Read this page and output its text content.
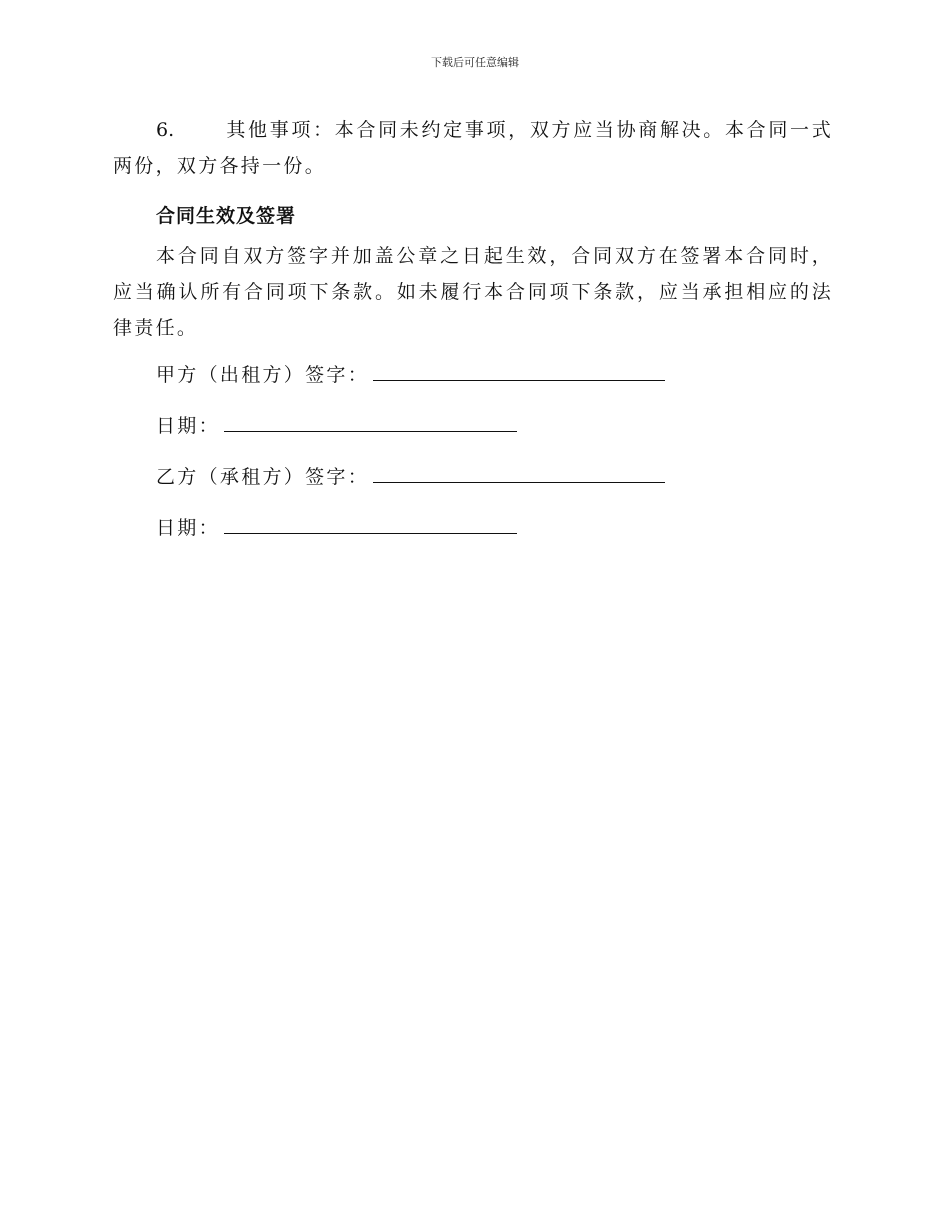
下载后可任意编辑

6.	其他事项：本合同未约定事项，双方应当协商解决。本合同一式两份，双方各持一份。

合同生效及签署

本合同自双方签字并加盖公章之日起生效，合同双方在签署本合同时，应当确认所有合同项下条款。如未履行本合同项下条款，应当承担相应的法律责任。

甲方（出租方）签字：
日期：
乙方（承租方）签字：
日期：
